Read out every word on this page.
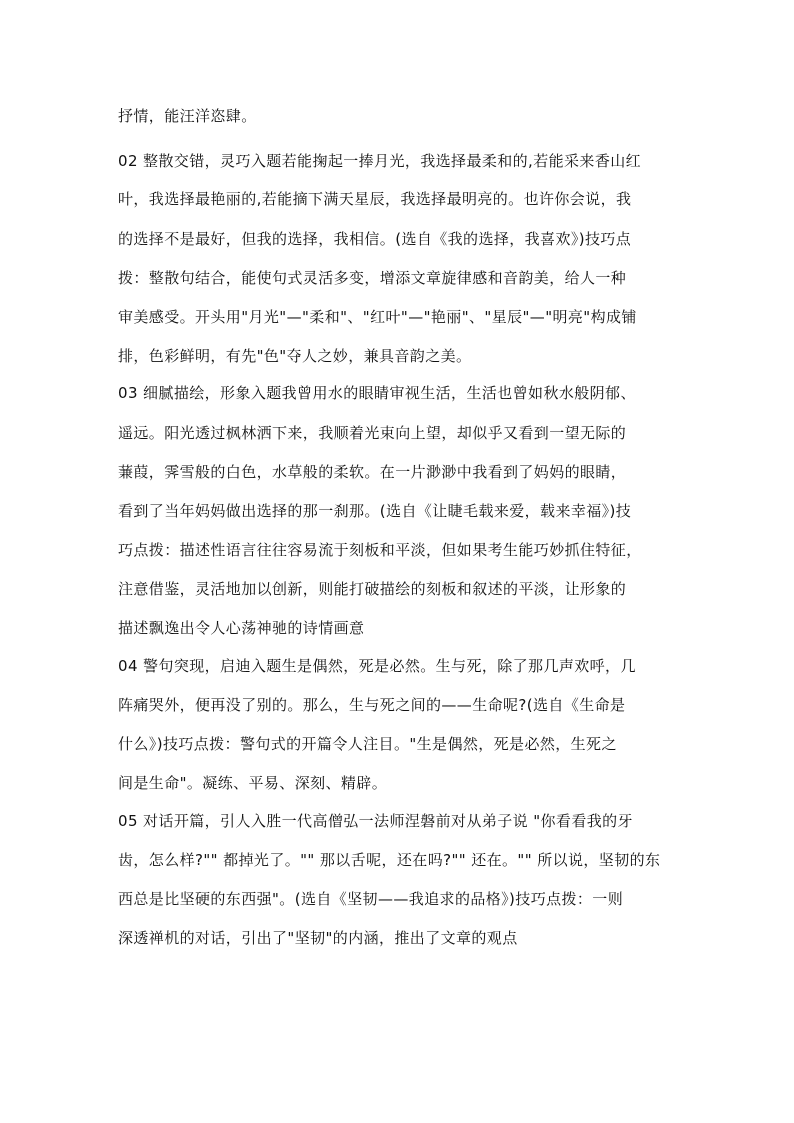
抒情，能汪洋恣肆。
02 整散交错，灵巧入题若能掬起一捧月光，我选择最柔和的,若能采来香山红
叶，我选择最艳丽的,若能摘下满天星辰，我选择最明亮的。也许你会说，我
的选择不是最好，但我的选择，我相信。(选自《我的选择，我喜欢》)技巧点
拨：整散句结合，能使句式灵活多变，增添文章旋律感和音韵美，给人一种
审美感受。开头用"月光"—"柔和"、"红叶"—"艳丽"、"星辰"—"明亮"构成铺
排，色彩鲜明，有先"色"夺人之妙，兼具音韵之美。
03 细腻描绘，形象入题我曾用水的眼睛审视生活，生活也曾如秋水般阴郁、
遥远。阳光透过枫林洒下来，我顺着光束向上望，却似乎又看到一望无际的
蒹葭，霁雪般的白色，水草般的柔软。在一片渺渺中我看到了妈妈的眼睛，
看到了当年妈妈做出选择的那一刹那。(选自《让睫毛载来爱，载来幸福》)技
巧点拨：描述性语言往往容易流于刻板和平淡，但如果考生能巧妙抓住特征，
注意借鉴，灵活地加以创新，则能打破描绘的刻板和叙述的平淡，让形象的
描述飘逸出令人心荡神驰的诗情画意
04 警句突现，启迪入题生是偶然，死是必然。生与死，除了那几声欢呼，几
阵痛哭外，便再没了别的。那么，生与死之间的——生命呢?(选自《生命是
什么》)技巧点拨：警句式的开篇令人注目。"生是偶然，死是必然，生死之
间是生命"。凝练、平易、深刻、精辟。
05 对话开篇，引人入胜一代高僧弘一法师涅磐前对从弟子说 "你看看我的牙
齿，怎么样?"" 都掉光了。"" 那以舌呢，还在吗?"" 还在。"" 所以说，坚韧的东
西总是比坚硬的东西强"。(选自《坚韧——我追求的品格》)技巧点拨：一则
深透禅机的对话，引出了"坚韧"的内涵，推出了文章的观点
